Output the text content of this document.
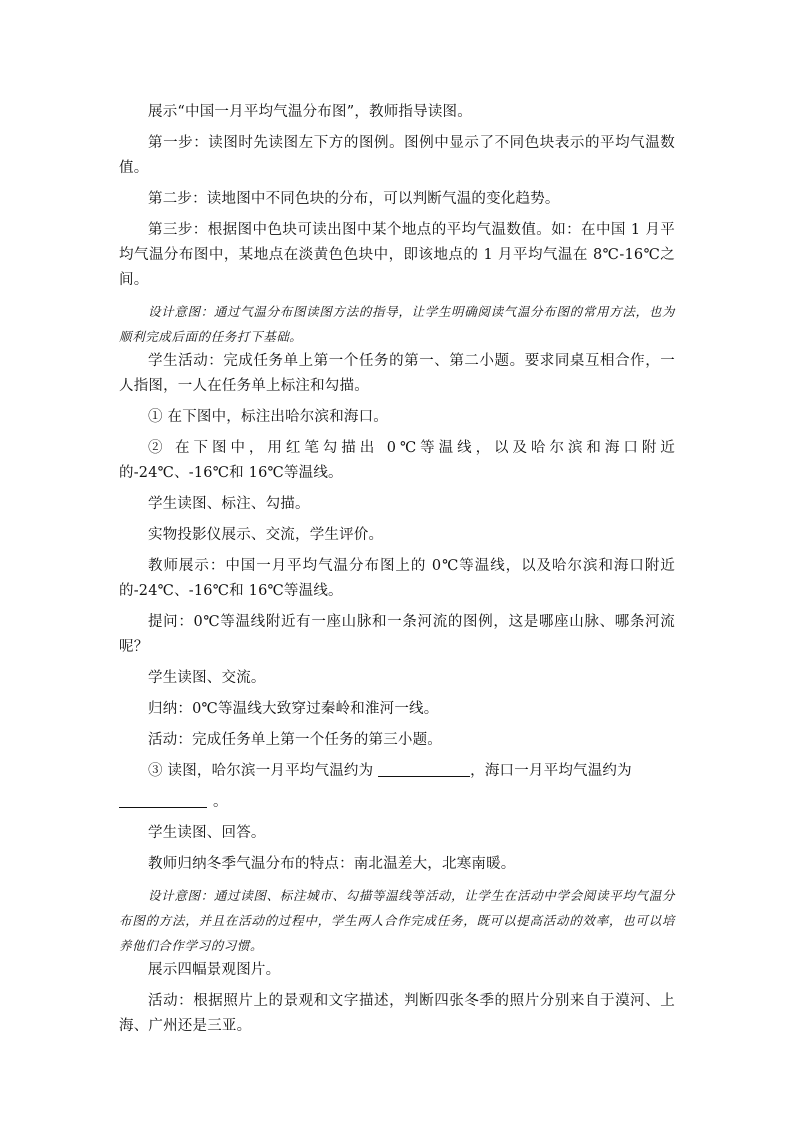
展示“中国一月平均气温分布图”，教师指导读图。

第一步：读图时先读图左下方的图例。图例中显示了不同色块表示的平均气温数值。

第二步：读地图中不同色块的分布，可以判断气温的变化趋势。

第三步：根据图中色块可读出图中某个地点的平均气温数值。如：在中国 1 月平均气温分布图中，某地点在淡黄色色块中，即该地点的 1 月平均气温在 8℃-16℃之间。

设计意图：通过气温分布图读图方法的指导，让学生明确阅读气温分布图的常用方法，也为顺利完成后面的任务打下基础。

学生活动：完成任务单上第一个任务的第一、第二小题。要求同桌互相合作，一人指图，一人在任务单上标注和勾描。

① 在下图中，标注出哈尔滨和海口。

② 在下图中，用红笔勾描出 0℃等温线，以及哈尔滨和海口附近的-24℃、-16℃和 16℃等温线。

学生读图、标注、勾描。

实物投影仪展示、交流，学生评价。

教师展示：中国一月平均气温分布图上的 0℃等温线，以及哈尔滨和海口附近的-24℃、-16℃和 16℃等温线。

提问：0℃等温线附近有一座山脉和一条河流的图例，这是哪座山脉、哪条河流呢？

学生读图、交流。

归纳：0℃等温线大致穿过秦岭和淮河一线。

活动：完成任务单上第一个任务的第三小题。

③ 读图，哈尔滨一月平均气温约为	，海口一月平均气温约为

。

学生读图、回答。

教师归纳冬季气温分布的特点：南北温差大，北寒南暖。

设计意图：通过读图、标注城市、勾描等温线等活动，让学生在活动中学会阅读平均气温分布图的方法，并且在活动的过程中，学生两人合作完成任务，既可以提高活动的效率，也可以培养他们合作学习的习惯。

展示四幅景观图片。

活动：根据照片上的景观和文字描述，判断四张冬季的照片分别来自于漠河、上海、广州还是三亚。
